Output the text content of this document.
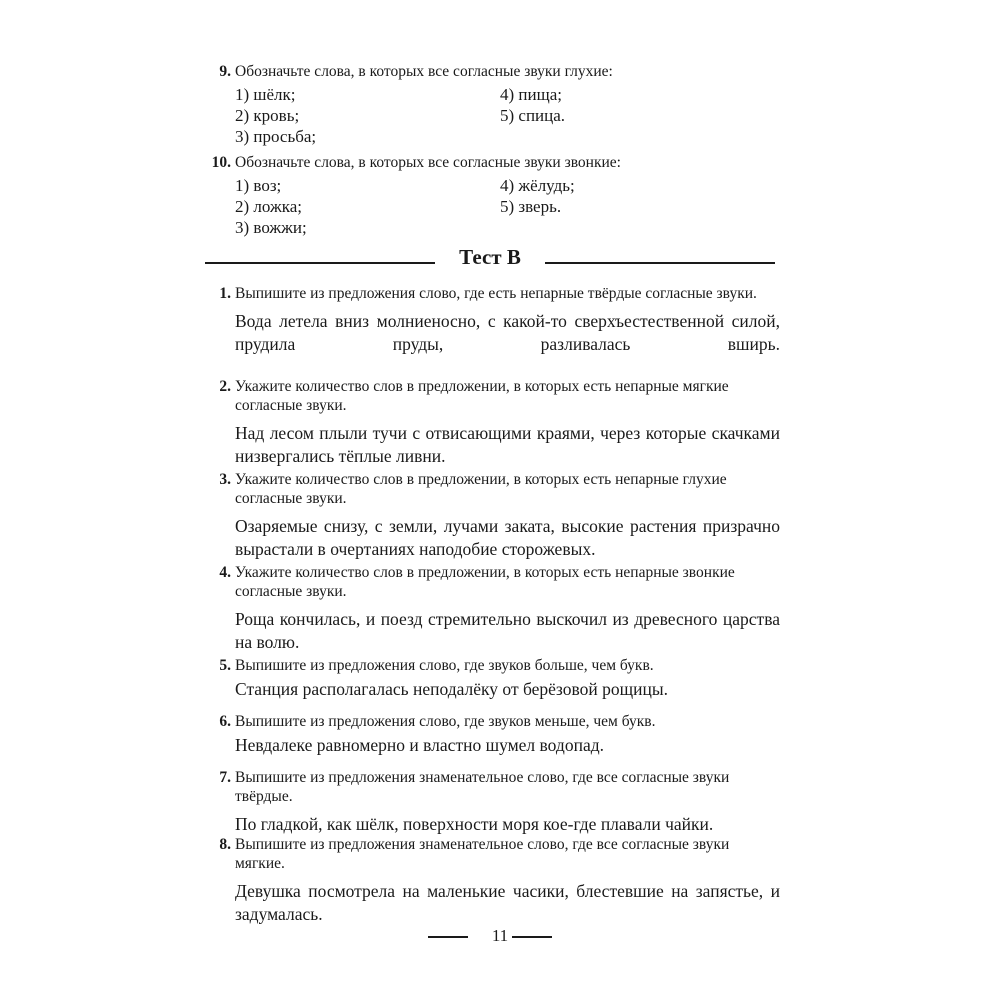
9. Обозначьте слова, в которых все согласные звуки глухие:
1) шёлк;	4) пища;
2) кровь;	5) спица.
3) просьба;
10. Обозначьте слова, в которых все согласные звуки звонкие:
1) воз;	4) жёлудь;
2) ложка;	5) зверь.
3) вожжи;
Тест В
1. Выпишите из предложения слово, где есть непарные твёрдые согласные звуки.
Вода летела вниз молниеносно, с какой-то сверхъестественной силой, прудила пруды, разливалась вширь.
2. Укажите количество слов в предложении, в которых есть непарные мягкие согласные звуки.
Над лесом плыли тучи с отвисающими краями, через которые скачками низвергались тёплые ливни.
3. Укажите количество слов в предложении, в которых есть непарные глухие согласные звуки.
Озаряемые снизу, с земли, лучами заката, высокие растения призрачно вырастали в очертаниях наподобие сторожевых.
4. Укажите количество слов в предложении, в которых есть непарные звонкие согласные звуки.
Роща кончилась, и поезд стремительно выскочил из древесного царства на волю.
5. Выпишите из предложения слово, где звуков больше, чем букв.
Станция располагалась неподалёку от берёзовой рощицы.
6. Выпишите из предложения слово, где звуков меньше, чем букв.
Невдалеке равномерно и властно шумел водопад.
7. Выпишите из предложения знаменательное слово, где все согласные звуки твёрдые.
По гладкой, как шёлк, поверхности моря кое-где плавали чайки.
8. Выпишите из предложения знаменательное слово, где все согласные звуки мягкие.
Девушка посмотрела на маленькие часики, блестевшие на запястье, и задумалась.
11
